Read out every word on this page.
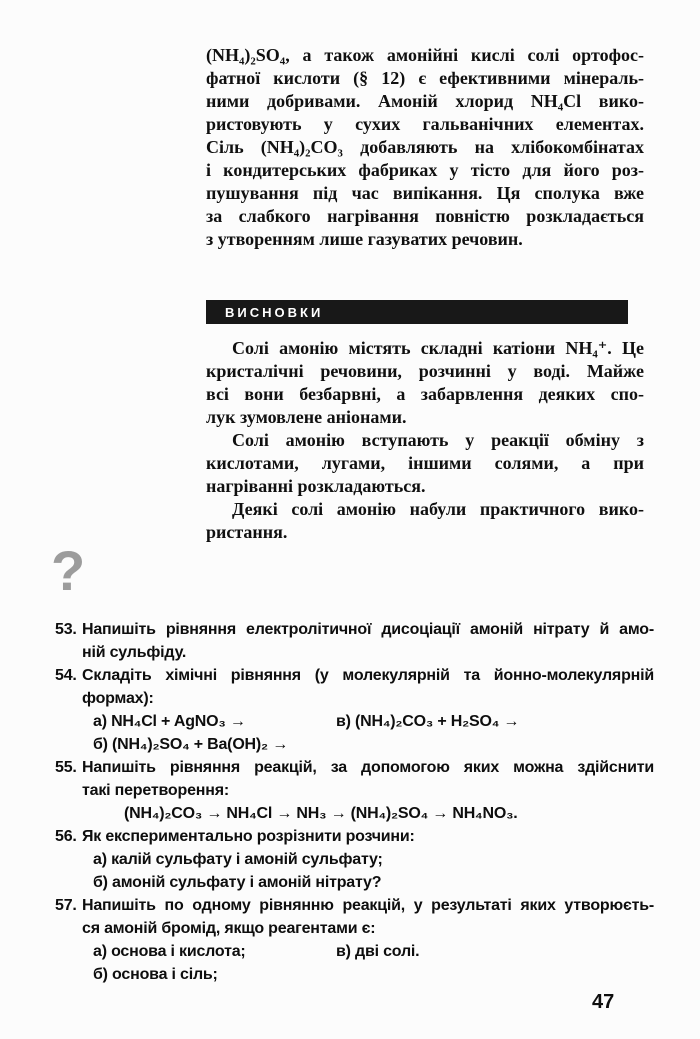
(NH₄)₂SO₄, а також амонійні кислі солі ортофос-
фатної кислоти (§ 12) є ефективними мінераль-
ними добривами. Амоній хлорид NH₄Cl вико-
ристовують у сухих гальванічних елементах.
Сіль (NH₄)₂CO₃ добавляють на хлібокомбінатах
і кондитерських фабриках у тісто для його роз-
пушування під час випікання. Ця сполука вже
за слабкого нагрівання повністю розкладається
з утворенням лише газуватих речовин.
ВИСНОВКИ
Солі амонію містять складні катіони NH₄⁺. Це
кристалічні речовини, розчинні у воді. Майже
всі вони безбарвні, а забарвлення деяких спо-
лук зумовлене аніонами.
Солі амонію вступають у реакції обміну з
кислотами, лугами, іншими солями, а при
нагріванні розкладаються.
Деякі солі амонію набули практичного вико-
ристання.
?
53. Напишіть рівняння електролітичної дисоціації амоній нітрату й амо-
ній сульфіду.
54. Складіть хімічні рівняння (у молекулярній та йонно-молекулярній
формах):
а) NH₄Cl + AgNO₃ →	в) (NH₄)₂CO₃ + H₂SO₄ →
б) (NH₄)₂SO₄ + Ba(OH)₂ →
55. Напишіть рівняння реакцій, за допомогою яких можна здійснити
такі перетворення:
(NH₄)₂CO₃ → NH₄Cl → NH₃ → (NH₄)₂SO₄ → NH₄NO₃.
56. Як експериментально розрізнити розчини:
а) калій сульфату і амоній сульфату;
б) амоній сульфату і амоній нітрату?
57. Напишіть по одному рівнянню реакцій, у результаті яких утворюєть-
ся амоній бромід, якщо реагентами є:
а) основа і кислота;	в) дві солі.
б) основа і сіль;
47
